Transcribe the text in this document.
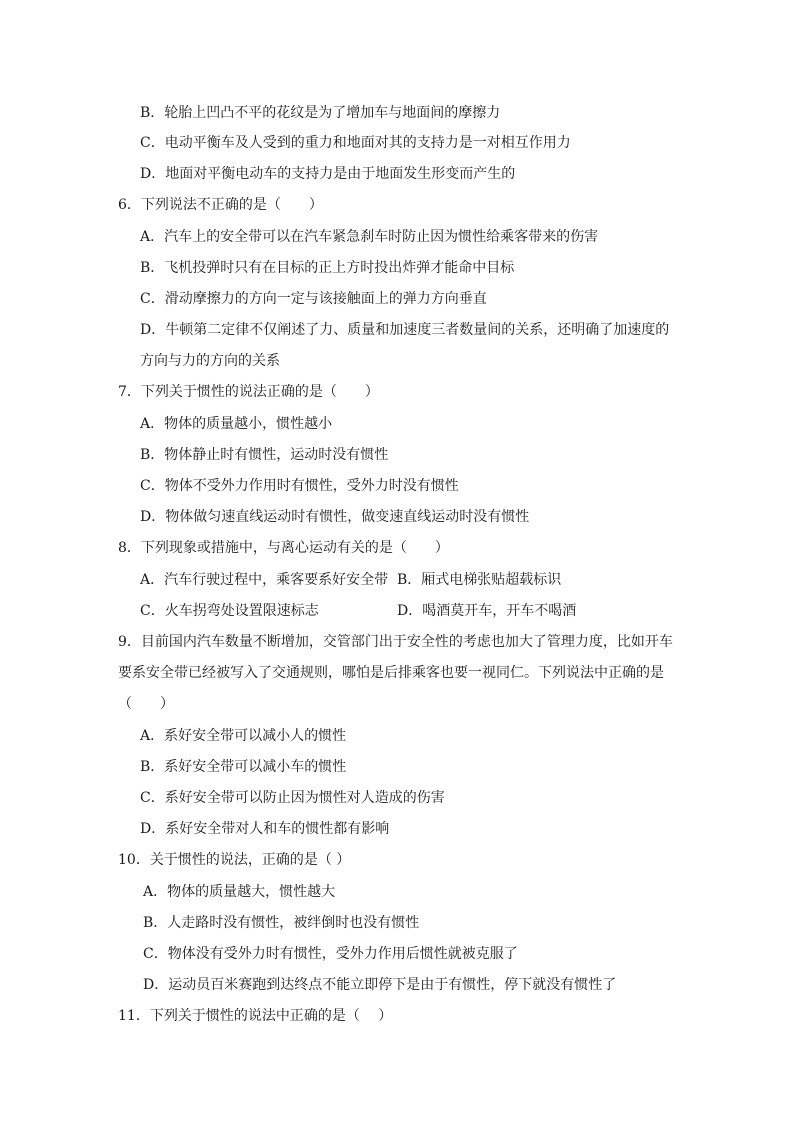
B．轮胎上凹凸不平的花纹是为了增加车与地面间的摩擦力
C．电动平衡车及人受到的重力和地面对其的支持力是一对相互作用力
D．地面对平衡电动车的支持力是由于地面发生形变而产生的
6．下列说法不正确的是（　　）
A．汽车上的安全带可以在汽车紧急刹车时防止因为惯性给乘客带来的伤害
B．飞机投弹时只有在目标的正上方时投出炸弹才能命中目标
C．滑动摩擦力的方向一定与该接触面上的弹力方向垂直
D．牛顿第二定律不仅阐述了力、质量和加速度三者数量间的关系，还明确了加速度的
方向与力的方向的关系
7．下列关于惯性的说法正确的是（　　）
A．物体的质量越小，惯性越小
B．物体静止时有惯性，运动时没有惯性
C．物体不受外力作用时有惯性，受外力时没有惯性
D．物体做匀速直线运动时有惯性，做变速直线运动时没有惯性
8．下列现象或措施中，与离心运动有关的是（　　）
A．汽车行驶过程中，乘客要系好安全带 B．厢式电梯张贴超载标识
C．火车拐弯处设置限速标志	D．喝酒莫开车，开车不喝酒
9．目前国内汽车数量不断增加，交管部门出于安全性的考虑也加大了管理力度，比如开车
要系安全带已经被写入了交通规则，哪怕是后排乘客也要一视同仁。下列说法中正确的是
（　　）
A．系好安全带可以减小人的惯性
B．系好安全带可以减小车的惯性
C．系好安全带可以防止因为惯性对人造成的伤害
D．系好安全带对人和车的惯性都有影响
10．关于惯性的说法，正确的是（ ）
A．物体的质量越大，惯性越大
B．人走路时没有惯性，被绊倒时也没有惯性
C．物体没有受外力时有惯性，受外力作用后惯性就被克服了
D．运动员百米赛跑到达终点不能立即停下是由于有惯性，停下就没有惯性了
11．下列关于惯性的说法中正确的是（　 ）
